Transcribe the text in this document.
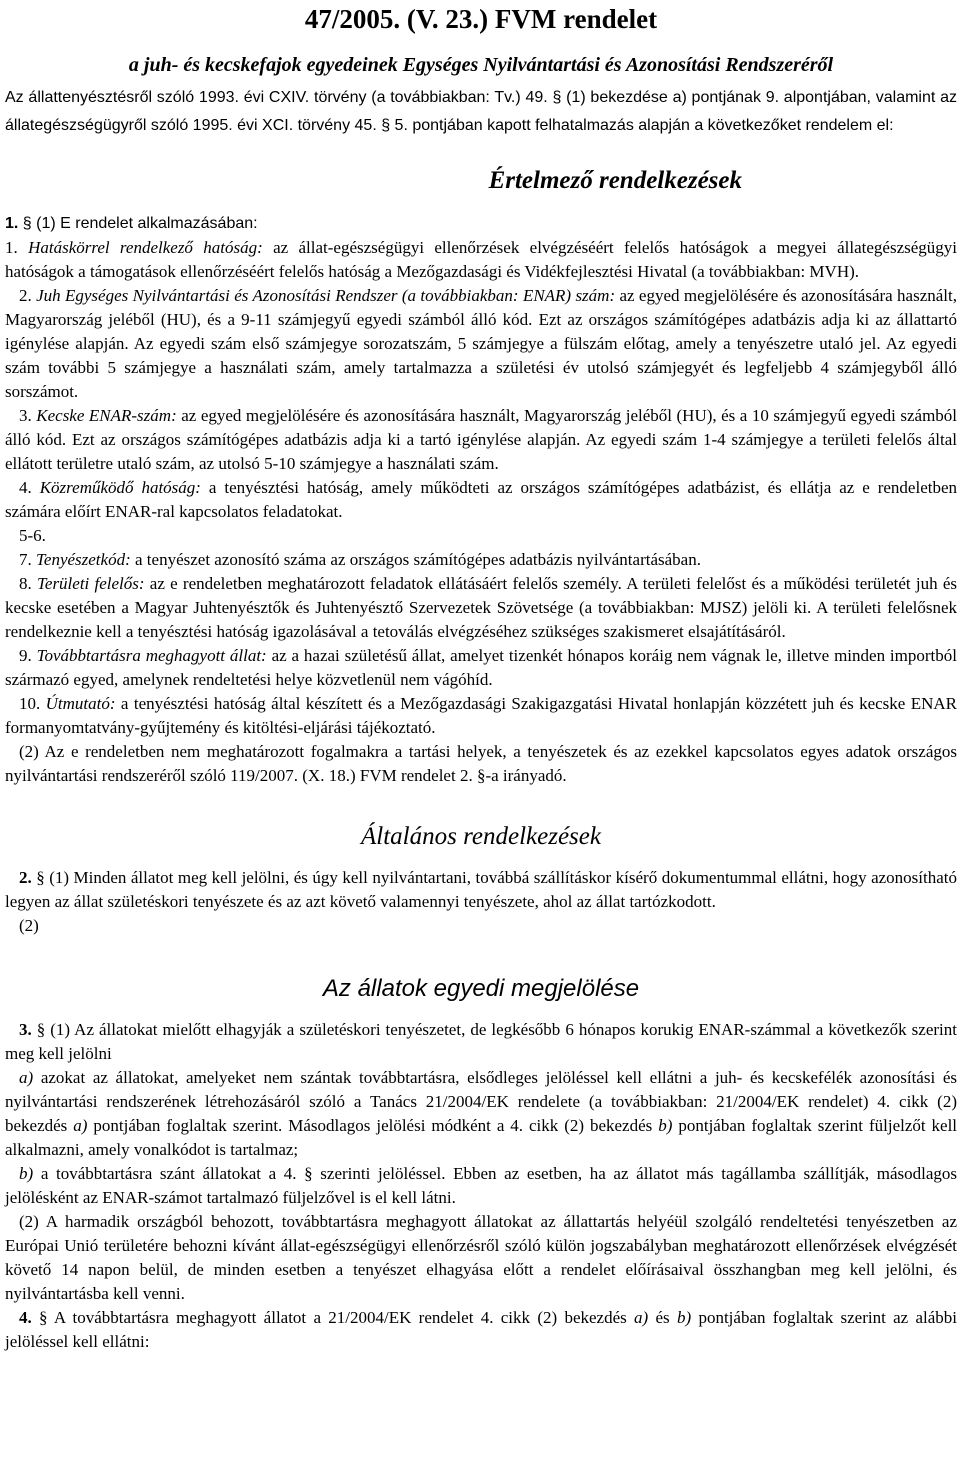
47/2005. (V. 23.) FVM rendelet
a juh- és kecskefajok egyedeinek Egységes Nyilvántartási és Azonosítási Rendszeréről

Az állattenyésztésről szóló 1993. évi CXIV. törvény (a továbbiakban: Tv.) 49. § (1) bekezdése a) pontjának 9. alpontjában, valamint az állategészségügyről szóló 1995. évi XCI. törvény 45. § 5. pontjában kapott felhatalmazás alapján a következőket rendelem el:

Értelmező rendelkezések

1. § (1) E rendelet alkalmazásában:

1. Hatáskörrel rendelkező hatóság: az állat-egészségügyi ellenőrzések elvégzéséért felelős hatóságok a megyei állategészségügyi hatóságok a támogatások ellenőrzéséért felelős hatóság a Mezőgazdasági és Vidékfejlesztési Hivatal (a továbbiakban: MVH).

2. Juh Egységes Nyilvántartási és Azonosítási Rendszer (a továbbiakban: ENAR) szám: az egyed megjelölésére és azonosítására használt, Magyarország jeléből (HU), és a 9-11 számjegyű egyedi számból álló kód. Ezt az országos számítógépes adatbázis adja ki az állattartó igénylése alapján. Az egyedi szám első számjegye sorozatszám, 5 számjegye a fülszám előtag, amely a tenyészetre utaló jel. Az egyedi szám további 5 számjegye a használati szám, amely tartalmazza a születési év utolsó számjegyét és legfeljebb 4 számjegyből álló sorszámot.

3. Kecske ENAR-szám: az egyed megjelölésére és azonosítására használt, Magyarország jeléből (HU), és a 10 számjegyű egyedi számból álló kód. Ezt az országos számítógépes adatbázis adja ki a tartó igénylése alapján. Az egyedi szám 1-4 számjegye a területi felelős által ellátott területre utaló szám, az utolsó 5-10 számjegye a használati szám.

4. Közreműködő hatóság: a tenyésztési hatóság, amely működteti az országos számítógépes adatbázist, és ellátja az e rendeletben számára előírt ENAR-ral kapcsolatos feladatokat.

5-6.

7. Tenyészetkód: a tenyészet azonosító száma az országos számítógépes adatbázis nyilvántartásában.

8. Területi felelős: az e rendeletben meghatározott feladatok ellátásáért felelős személy. A területi felelőst és a működési területét juh és kecske esetében a Magyar Juhtenyésztők és Juhtenyésztő Szervezetek Szövetsége (a továbbiakban: MJSZ) jelöli ki. A területi felelősnek rendelkeznie kell a tenyésztési hatóság igazolásával a tetoválás elvégzéséhez szükséges szakismeret elsajátításáról.

9. Továbbtartásra meghagyott állat: az a hazai születésű állat, amelyet tizenkét hónapos koráig nem vágnak le, illetve minden importból származó egyed, amelynek rendeltetési helye közvetlenül nem vágóhíd.

10. Útmutató: a tenyésztési hatóság által készített és a Mezőgazdasági Szakigazgatási Hivatal honlapján közzétett juh és kecske ENAR formanyomtatvány-gyűjtemény és kitöltési-eljárási tájékoztató.

(2) Az e rendeletben nem meghatározott fogalmakra a tartási helyek, a tenyészetek és az ezekkel kapcsolatos egyes adatok országos nyilvántartási rendszeréről szóló 119/2007. (X. 18.) FVM rendelet 2. §-a irányadó.

Általános rendelkezések

2. § (1) Minden állatot meg kell jelölni, és úgy kell nyilvántartani, továbbá szállításkor kísérő dokumentummal ellátni, hogy azonosítható legyen az állat születéskori tenyészete és az azt követő valamennyi tenyészete, ahol az állat tartózkodott.

(2)

Az állatok egyedi megjelölése

3. § (1) Az állatokat mielőtt elhagyják a születéskori tenyészetet, de legkésőbb 6 hónapos korukig ENAR-számmal a következők szerint meg kell jelölni

a) azokat az állatokat, amelyeket nem szántak továbbtartásra, elsődleges jelöléssel kell ellátni a juh- és kecskefélék azonosítási és nyilvántartási rendszerének létrehozásáról szóló a Tanács 21/2004/EK rendelete (a továbbiakban: 21/2004/EK rendelet) 4. cikk (2) bekezdés a) pontjában foglaltak szerint. Másodlagos jelölési módként a 4. cikk (2) bekezdés b) pontjában foglaltak szerint füljelzőt kell alkalmazni, amely vonalkódot is tartalmaz;

b) a továbbtartásra szánt állatokat a 4. § szerinti jelöléssel. Ebben az esetben, ha az állatot más tagállamba szállítják, másodlagos jelölésként az ENAR-számot tartalmazó füljelzővel is el kell látni.

(2) A harmadik országból behozott, továbbtartásra meghagyott állatokat az állattartás helyéül szolgáló rendeltetési tenyészetben az Európai Unió területére behozni kívánt állat-egészségügyi ellenőrzésről szóló külön jogszabályban meghatározott ellenőrzések elvégzését követő 14 napon belül, de minden esetben a tenyészet elhagyása előtt a rendelet előírásaival összhangban meg kell jelölni, és nyilvántartásba kell venni.

4. § A továbbtartásra meghagyott állatot a 21/2004/EK rendelet 4. cikk (2) bekezdés a) és b) pontjában foglaltak szerint az alábbi jelöléssel kell ellátni:
